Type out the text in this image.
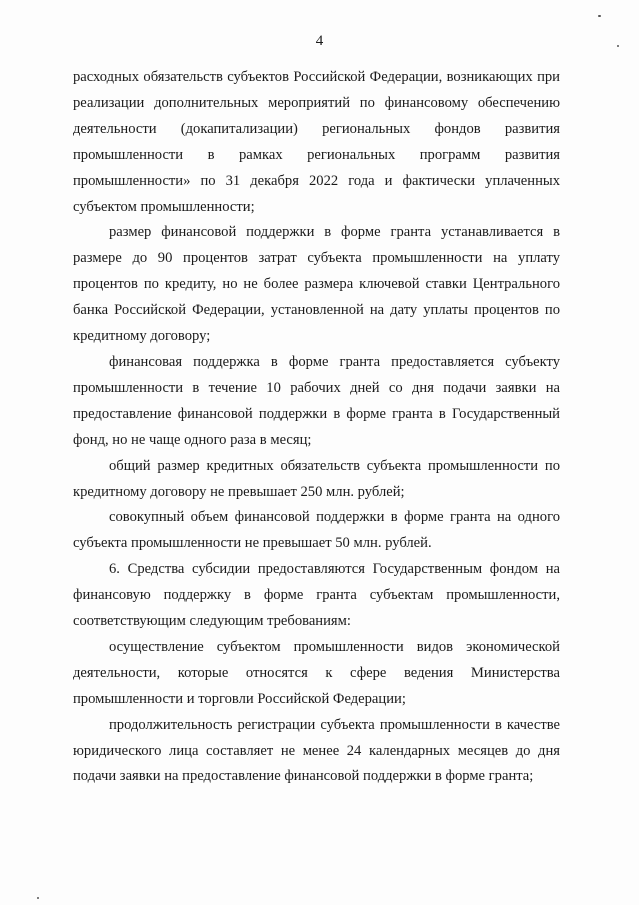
4

расходных обязательств субъектов Российской Федерации, возникающих при реализации дополнительных мероприятий по финансовому обеспечению деятельности (докапитализации) региональных фондов развития промышленности в рамках региональных программ развития промышленности» по 31 декабря 2022 года и фактически уплаченных субъектом промышленности;

размер финансовой поддержки в форме гранта устанавливается в размере до 90 процентов затрат субъекта промышленности на уплату процентов по кредиту, но не более размера ключевой ставки Центрального банка Российской Федерации, установленной на дату уплаты процентов по кредитному договору;

финансовая поддержка в форме гранта предоставляется субъекту промышленности в течение 10 рабочих дней со дня подачи заявки на предоставление финансовой поддержки в форме гранта в Государственный фонд, но не чаще одного раза в месяц;

общий размер кредитных обязательств субъекта промышленности по кредитному договору не превышает 250 млн. рублей;

совокупный объем финансовой поддержки в форме гранта на одного субъекта промышленности не превышает 50 млн. рублей.

6. Средства субсидии предоставляются Государственным фондом на финансовую поддержку в форме гранта субъектам промышленности, соответствующим следующим требованиям:

осуществление субъектом промышленности видов экономической деятельности, которые относятся к сфере ведения Министерства промышленности и торговли Российской Федерации;

продолжительность регистрации субъекта промышленности в качестве юридического лица составляет не менее 24 календарных месяцев до дня подачи заявки на предоставление финансовой поддержки в форме гранта;
